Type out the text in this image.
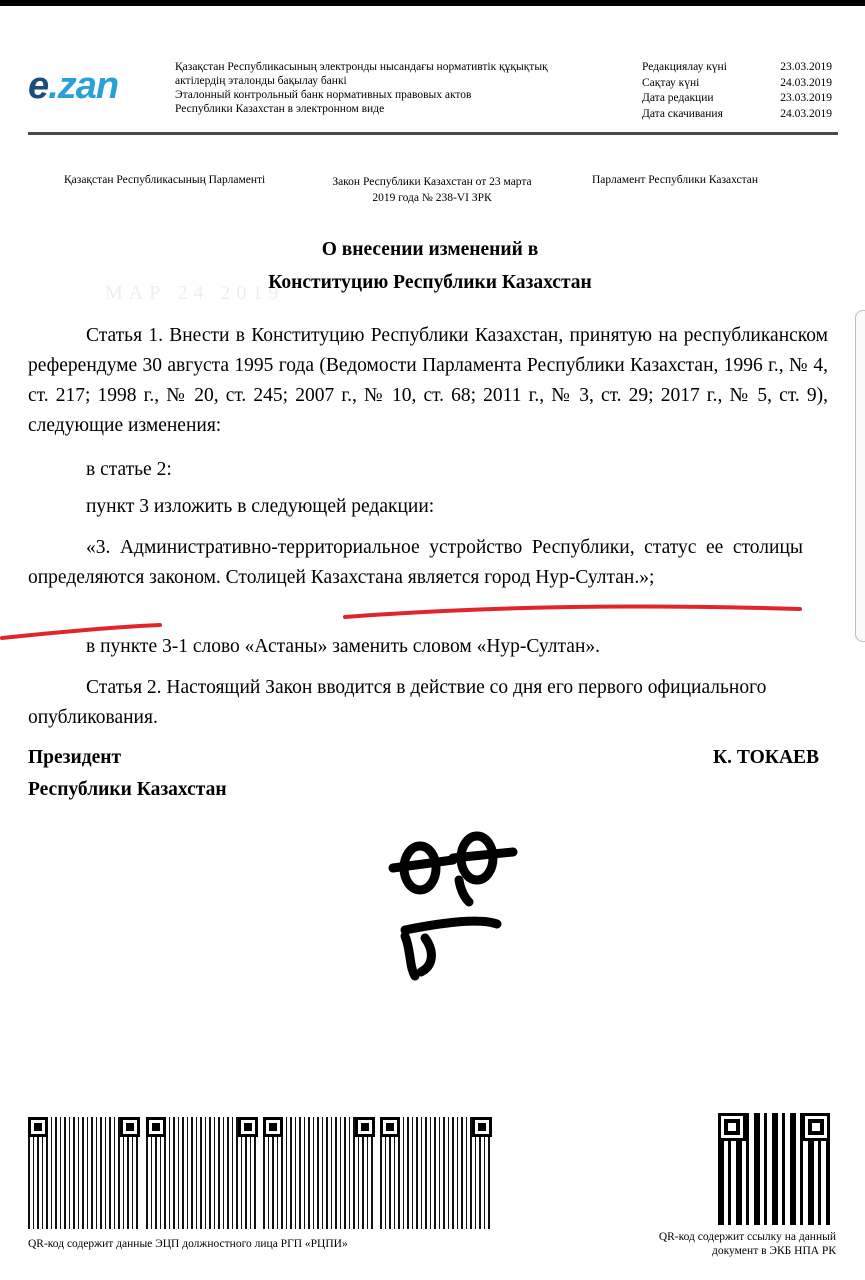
e.zan	Қазақстан Республикасының электронды нысандағы нормативтік құқықтық
актілердің эталонды бақылау банкі
Эталонный контрольный банк нормативных правовых актов
Республики Казахстан в электронном виде
Редакциялау күні	23.03.2019
Сақтау күні	24.03.2019
Дата редакции	23.03.2019
Дата скачивания	24.03.2019
Қазақстан Республикасының Парламенті	Закон Республики Казахстан от 23 марта 2019 года № 238-VI ЗРК
Парламент Республики Казахстан
МАР 24 2019
О внесении изменений в
Конституцию Республики Казахстан
Статья 1. Внести в Конституцию Республики Казахстан, принятую на республиканском референдуме 30 августа 1995 года (Ведомости Парламента Республики Казахстан, 1996 г., № 4, ст. 217; 1998 г., № 20, ст. 245; 2007 г., № 10, ст. 68; 2011 г., № 3, ст. 29; 2017 г., № 5, ст. 9), следующие изменения:
в статье 2:
пункт 3 изложить в следующей редакции:
«3. Административно-территориальное устройство Республики, статус ее столицы определяются законом. Столицей Казахстана является город Нур-Султан.»;
в пункте 3-1 слово «Астаны» заменить словом «Нур-Султан».
Статья 2. Настоящий Закон вводится в действие со дня его первого официального опубликования.
Президент
Республики Казахстан
К. ТОКАЕВ
QR-код содержит данные ЭЦП должностного лица РГП «РЦПИ»
QR-код содержит ссылку на данный документ в ЭКБ НПА РК
